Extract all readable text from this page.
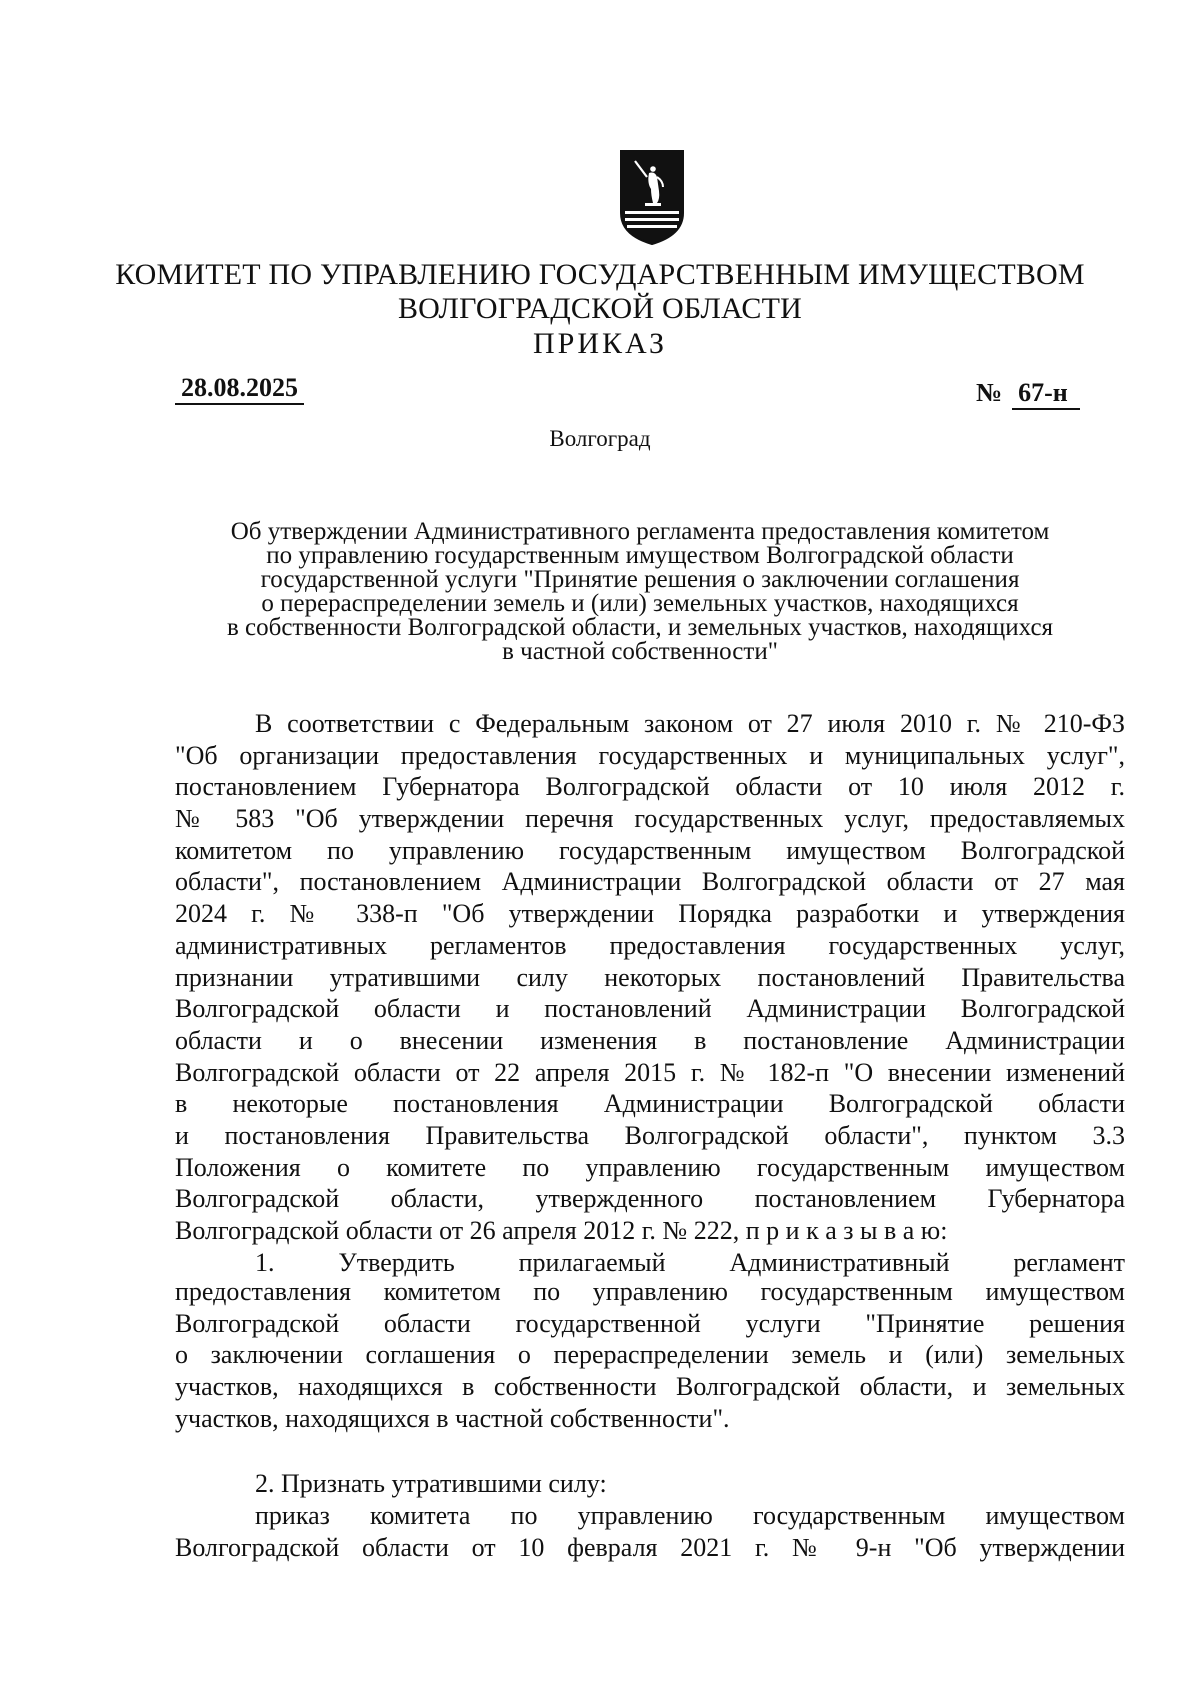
КОМИТЕТ ПО УПРАВЛЕНИЮ ГОСУДАРСТВЕННЫМ ИМУЩЕСТВОМ
ВОЛГОГРАДСКОЙ ОБЛАСТИ
ПРИКАЗ
28.08.2025	№ 67-н
Волгоград
Об утверждении Административного регламента предоставления комитетом
по управлению государственным имуществом Волгоградской области
государственной услуги "Принятие решения о заключении соглашения
о перераспределении земель и (или) земельных участков, находящихся
в собственности Волгоградской области, и земельных участков, находящихся
в частной собственности"
В соответствии с Федеральным законом от 27 июля 2010 г. № 210-ФЗ
"Об организации предоставления государственных и муниципальных услуг",
постановлением Губернатора Волгоградской области от 10 июля 2012 г.
№ 583 "Об утверждении перечня государственных услуг, предоставляемых
комитетом по управлению государственным имуществом Волгоградской
области", постановлением Администрации Волгоградской области от 27 мая
2024 г. № 338-п "Об утверждении Порядка разработки и утверждения
административных регламентов предоставления государственных услуг,
признании утратившими силу некоторых постановлений Правительства
Волгоградской области и постановлений Администрации Волгоградской
области и о внесении изменения в постановление Администрации
Волгоградской области от 22 апреля 2015 г. № 182-п "О внесении изменений
в некоторые постановления Администрации Волгоградской области
и постановления Правительства Волгоградской области", пунктом 3.3
Положения о комитете по управлению государственным имуществом
Волгоградской области, утвержденного постановлением Губернатора
Волгоградской области от 26 апреля 2012 г. № 222, п р и к а з ы в а ю:
1. Утвердить прилагаемый Административный регламент
предоставления комитетом по управлению государственным имуществом
Волгоградской области государственной услуги "Принятие решения
о заключении соглашения о перераспределении земель и (или) земельных
участков, находящихся в собственности Волгоградской области, и земельных
участков, находящихся в частной собственности".
2. Признать утратившими силу:
приказ комитета по управлению государственным имуществом
Волгоградской области от 10 февраля 2021 г. № 9-н "Об утверждении
